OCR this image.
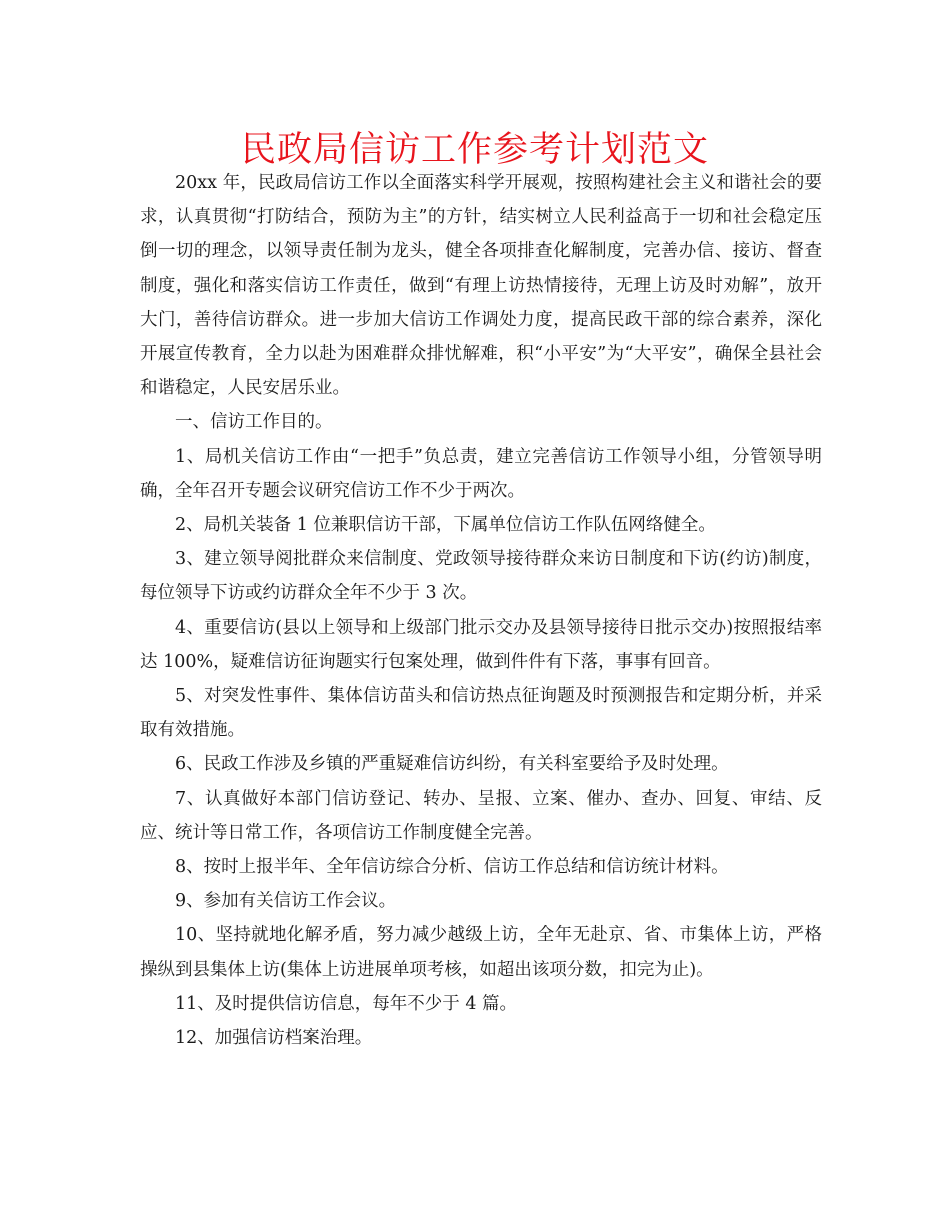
民政局信访工作参考计划范文

20xx 年，民政局信访工作以全面落实科学开展观，按照构建社会主义和谐社会的要求，认真贯彻“打防结合，预防为主”的方针，结实树立人民利益高于一切和社会稳定压倒一切的理念，以领导责任制为龙头，健全各项排查化解制度，完善办信、接访、督查制度，强化和落实信访工作责任，做到“有理上访热情接待，无理上访及时劝解”，放开大门，善待信访群众。进一步加大信访工作调处力度，提高民政干部的综合素养，深化开展宣传教育，全力以赴为困难群众排忧解难，积“小平安”为“大平安”，确保全县社会和谐稳定，人民安居乐业。

一、信访工作目的。

1、局机关信访工作由“一把手”负总责，建立完善信访工作领导小组，分管领导明确，全年召开专题会议研究信访工作不少于两次。

2、局机关装备 1 位兼职信访干部，下属单位信访工作队伍网络健全。

3、建立领导阅批群众来信制度、党政领导接待群众来访日制度和下访(约访)制度，每位领导下访或约访群众全年不少于 3 次。

4、重要信访(县以上领导和上级部门批示交办及县领导接待日批示交办)按照报结率达 100%，疑难信访征询题实行包案处理，做到件件有下落，事事有回音。

5、对突发性事件、集体信访苗头和信访热点征询题及时预测报告和定期分析，并采取有效措施。

6、民政工作涉及乡镇的严重疑难信访纠纷，有关科室要给予及时处理。

7、认真做好本部门信访登记、转办、呈报、立案、催办、查办、回复、审结、反应、统计等日常工作，各项信访工作制度健全完善。

8、按时上报半年、全年信访综合分析、信访工作总结和信访统计材料。

9、参加有关信访工作会议。

10、坚持就地化解矛盾，努力减少越级上访，全年无赴京、省、市集体上访，严格操纵到县集体上访(集体上访进展单项考核，如超出该项分数，扣完为止)。

11、及时提供信访信息，每年不少于 4 篇。

12、加强信访档案治理。
